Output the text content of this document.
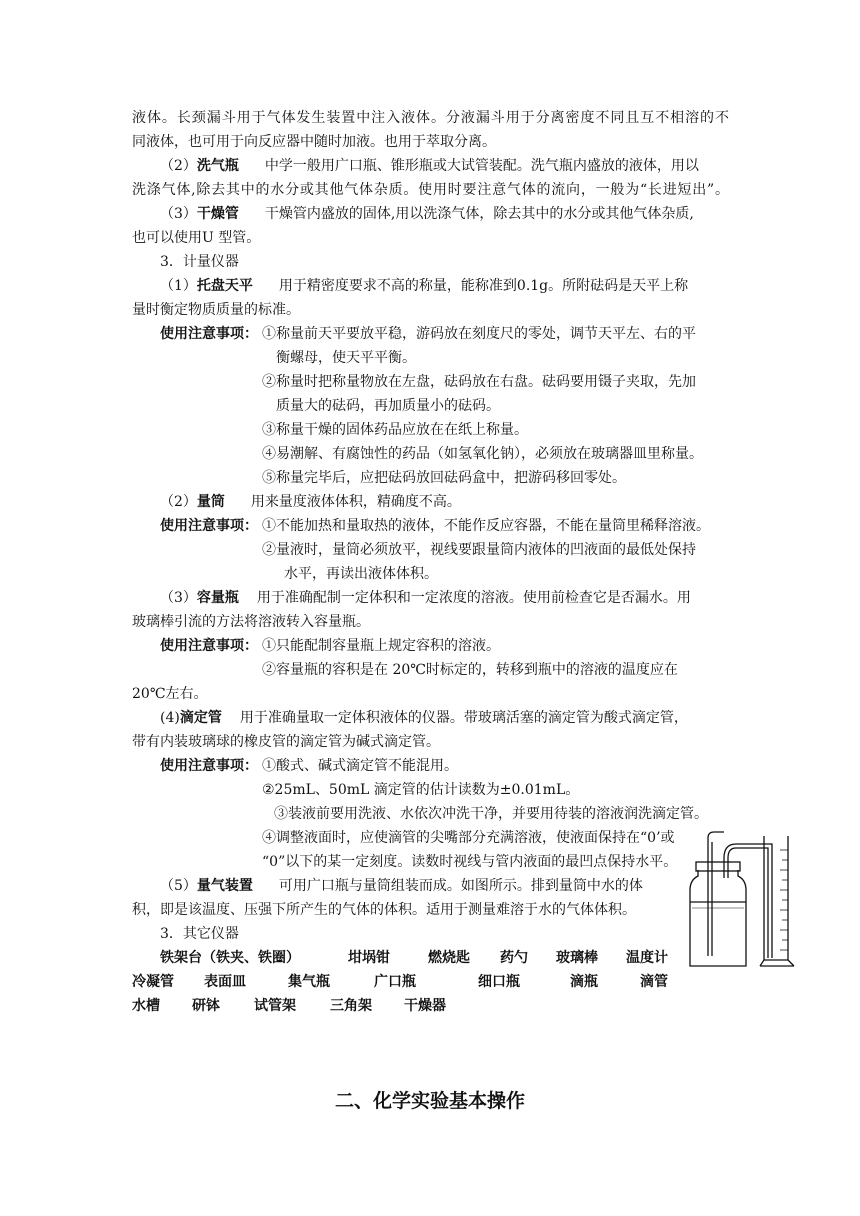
液体。长颈漏斗用于气体发生装置中注入液体。分液漏斗用于分离密度不同且互不相溶的不
同液体，也可用于向反应器中随时加液。也用于萃取分离。
（2）洗气瓶 中学一般用广口瓶、锥形瓶或大试管装配。洗气瓶内盛放的液体，用以
洗涤气体,除去其中的水分或其他气体杂质。使用时要注意气体的流向，一般为“长进短出”。
（3）干燥管 干燥管内盛放的固体,用以洗涤气体，除去其中的水分或其他气体杂质,
也可以使用U 型管。
3．计量仪器
（1）托盘天平 用于精密度要求不高的称量，能称准到0.1g。所附砝码是天平上称
量时衡定物质质量的标准。
使用注意事项： ①称量前天平要放平稳，游码放在刻度尺的零处，调节天平左、右的平
衡螺母，使天平平衡。
②称量时把称量物放在左盘，砝码放在右盘。砝码要用镊子夹取，先加
质量大的砝码，再加质量小的砝码。
③称量干燥的固体药品应放在在纸上称量。
④易潮解、有腐蚀性的药品（如氢氧化钠），必须放在玻璃器皿里称量。
⑤称量完毕后，应把砝码放回砝码盒中，把游码移回零处。
（2）量筒 用来量度液体体积，精确度不高。
使用注意事项： ①不能加热和量取热的液体，不能作反应容器，不能在量筒里稀释溶液。
②量液时，量筒必须放平，视线要跟量筒内液体的凹液面的最低处保持
水平，再读出液体体积。
（3）容量瓶 用于准确配制一定体积和一定浓度的溶液。使用前检查它是否漏水。用
玻璃棒引流的方法将溶液转入容量瓶。
使用注意事项： ①只能配制容量瓶上规定容积的溶液。
②容量瓶的容积是在 20℃时标定的，转移到瓶中的溶液的温度应在
20℃左右。
(4)滴定管 用于准确量取一定体积液体的仪器。带玻璃活塞的滴定管为酸式滴定管，
带有内装玻璃球的橡皮管的滴定管为碱式滴定管。
使用注意事项： ①酸式、碱式滴定管不能混用。
②25mL、50mL 滴定管的估计读数为±0.01mL。
③装液前要用洗液、水依次冲洗干净，并要用待装的溶液润洗滴定管。
④调整液面时，应使滴管的尖嘴部分充满溶液，使液面保持在“0’或
“0”以下的某一定刻度。读数时视线与管内液面的最凹点保持水平。
（5）量气装置 可用广口瓶与量筒组装而成。如图所示。排到量筒中水的体
积，即是该温度、压强下所产生的气体的体积。适用于测量难溶于水的气体体积。
3．其它仪器
铁架台（铁夹、铁圈）	坩埚钳	燃烧匙 药勺 玻璃棒 温度计
冷凝管 表面皿	集气瓶	广口瓶	细口瓶	滴瓶	滴管
水槽 研钵 试管架 三角架 干燥器
二、化学实验基本操作
